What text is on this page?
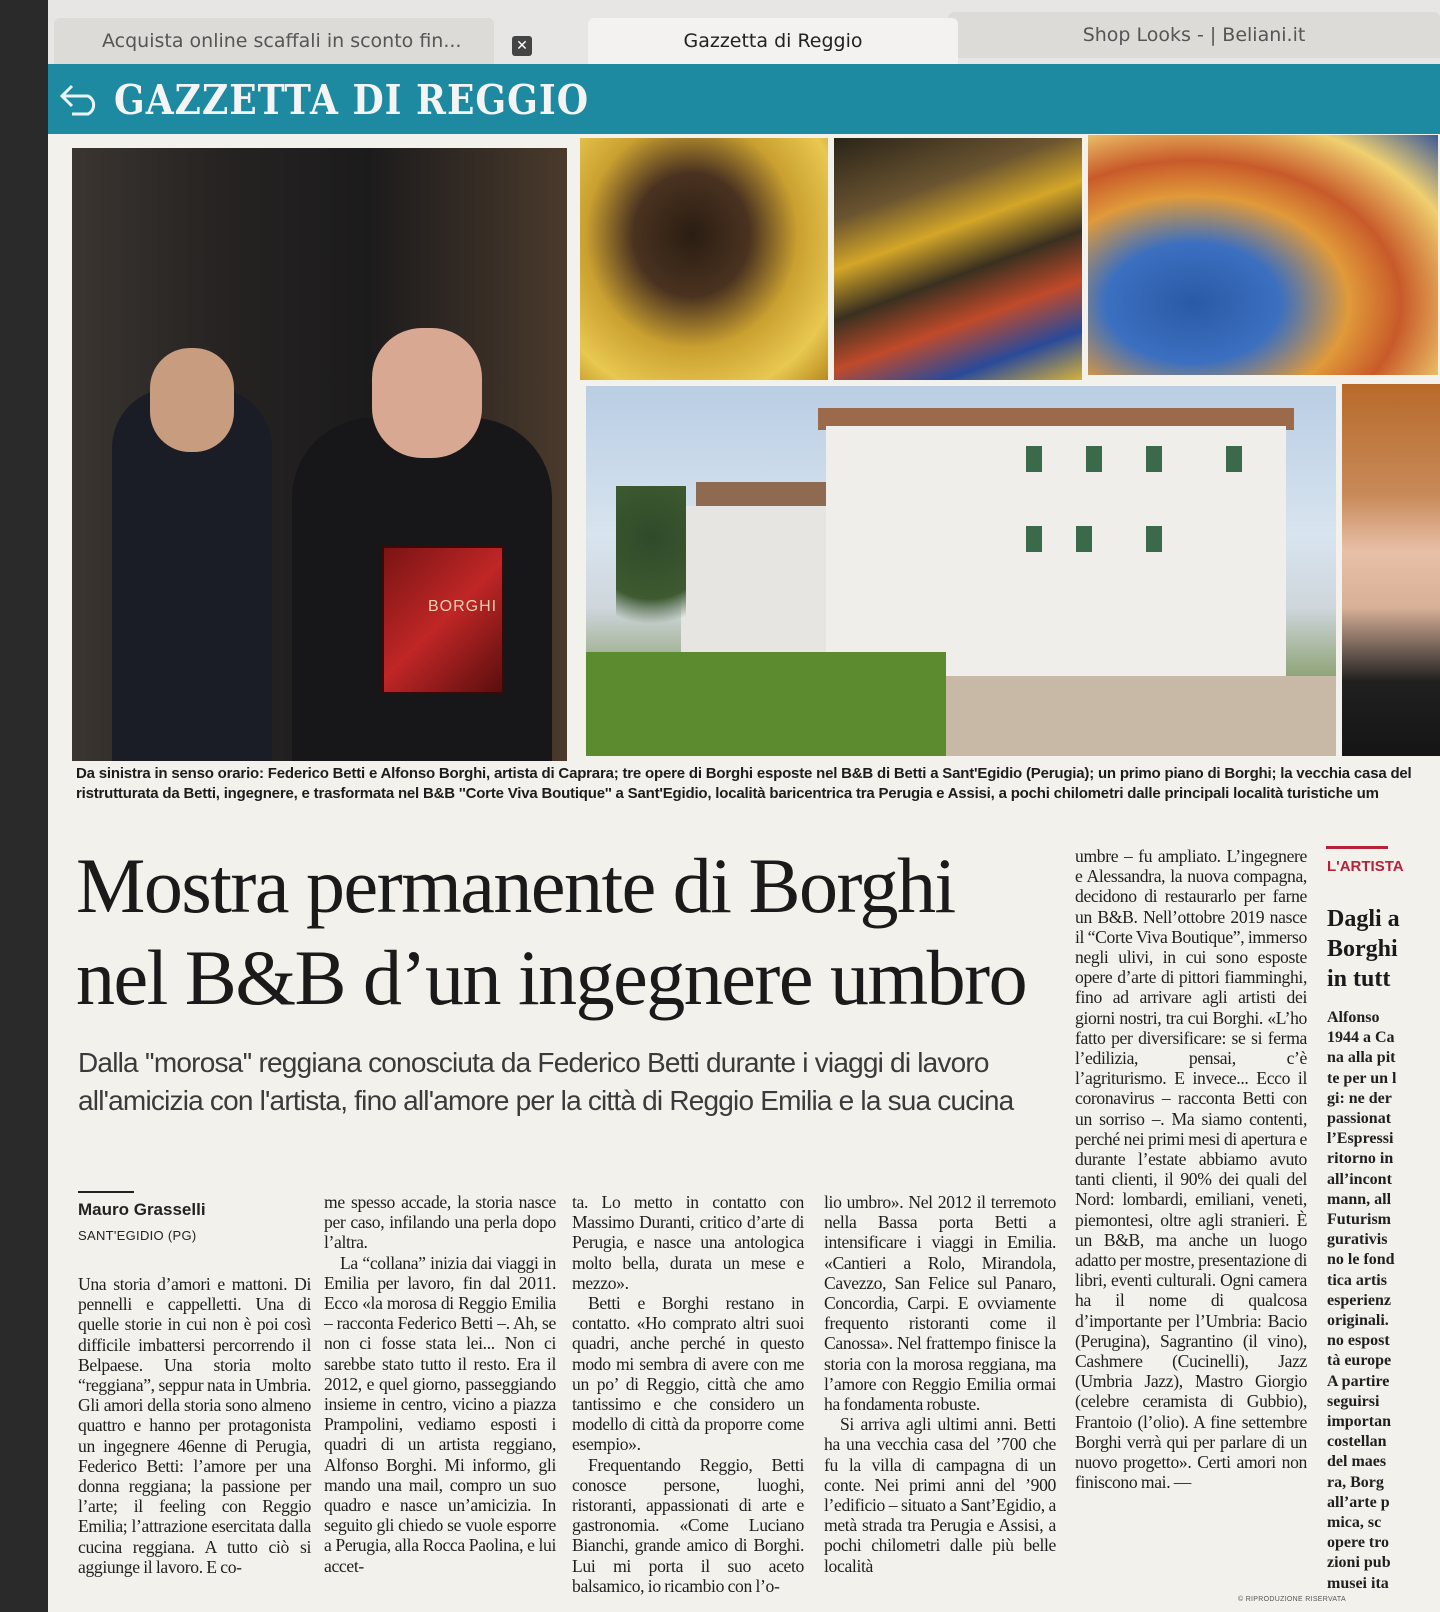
Acquista online scaffali in sconto fin...	Shop Looks - | Beliani.it
Gazzetta di Reggio
✕
GAZZETTA DI REGGIO
BORGHI
Da sinistra in senso orario: Federico Betti e Alfonso Borghi, artista di Caprara; tre opere di Borghi esposte nel B&B di Betti a Sant'Egidio (Perugia); un primo piano di Borghi; la vecchia casa del
ristrutturata da Betti, ingegnere, e trasformata nel B&B ''Corte Viva Boutique'' a Sant'Egidio, località baricentrica tra Perugia e Assisi, a pochi chilometri dalle principali località turistiche um
Mostra permanente di Borghi
nel B&B d’un ingegnere umbro
Dalla ''morosa'' reggiana conosciuta da Federico Betti durante i viaggi di lavoro
all'amicizia con l'artista, fino all'amore per la città di Reggio Emilia e la sua cucina
Mauro Grasselli
SANT'EGIDIO (PG)

Una storia d’amori e mattoni. Di pennelli e cappelletti. Una di quelle storie in cui non è poi così difficile imbattersi percorrendo il Belpaese. Una storia molto “reggiana”, seppur nata in Umbria. Gli amori della storia sono almeno quattro e hanno per protagonista un ingegnere 46enne di Perugia, Federico Betti: l’amore per una donna reggiana; la passione per l’arte; il feeling con Reggio Emilia; l’attrazione esercitata dalla cucina reggiana. A tutto ciò si aggiunge il lavoro. E co-

me spesso accade, la storia nasce per caso, infilando una perla dopo l’altra.

La “collana” inizia dai viaggi in Emilia per lavoro, fin dal 2011. Ecco «la morosa di Reggio Emilia – racconta Federico Betti –. Ah, se non ci fosse stata lei... Non ci sarebbe stato tutto il resto. Era il 2012, e quel giorno, passeggiando insieme in centro, vicino a piazza Prampolini, vediamo esposti i quadri di un artista reggiano, Alfonso Borghi. Mi informo, gli mando una mail, compro un suo quadro e nasce un’amicizia. In seguito gli chiedo se vuole esporre a Perugia, alla Rocca Paolina, e lui accet-

ta. Lo metto in contatto con Massimo Duranti, critico d’arte di Perugia, e nasce una antologica molto bella, durata un mese e mezzo».

Betti e Borghi restano in contatto. «Ho comprato altri suoi quadri, anche perché in questo modo mi sembra di avere con me un po’ di Reggio, città che amo tantissimo e che considero un modello di città da proporre come esempio».

Frequentando Reggio, Betti conosce persone, luoghi, ristoranti, appassionati di arte e gastronomia. «Come Luciano Bianchi, grande amico di Borghi. Lui mi porta il suo aceto balsamico, io ricambio con l’o-

lio umbro». Nel 2012 il terremoto nella Bassa porta Betti a intensificare i viaggi in Emilia. «Cantieri a Rolo, Mirandola, Cavezzo, San Felice sul Panaro, Concordia, Carpi. E ovviamente frequento ristoranti come il Canossa». Nel frattempo finisce la storia con la morosa reggiana, ma l’amore con Reggio Emilia ormai ha fondamenta robuste.

Si arriva agli ultimi anni. Betti ha una vecchia casa del ’700 che fu la villa di campagna di un conte. Nei primi anni del ’900 l’edificio – situato a Sant’Egidio, a metà strada tra Perugia e Assisi, a pochi chilometri dalle più belle località

umbre – fu ampliato. L’ingegnere e Alessandra, la nuova compagna, decidono di restaurarlo per farne un B&B. Nell’ottobre 2019 nasce il “Corte Viva Boutique”, immerso negli ulivi, in cui sono esposte opere d’arte di pittori fiamminghi, fino ad arrivare agli artisti dei giorni nostri, tra cui Borghi. «L’ho fatto per diversificare: se si ferma l’edilizia, pensai, c’è l’agriturismo. E invece... Ecco il coronavirus – racconta Betti con un sorriso –. Ma siamo contenti, perché nei primi mesi di apertura e durante l’estate abbiamo avuto tanti clienti, il 90% dei quali del Nord: lombardi, emiliani, veneti, piemontesi, oltre agli stranieri. È un B&B, ma anche un luogo adatto per mostre, presentazione di libri, eventi culturali. Ogni camera ha il nome di qualcosa d’importante per l’Umbria: Bacio (Perugina), Sagrantino (il vino), Cashmere (Cucinelli), Jazz (Umbria Jazz), Mastro Giorgio (celebre ceramista di Gubbio), Frantoio (l’olio). A fine settembre Borghi verrà qui per parlare di un nuovo progetto». Certi amori non finiscono mai. —

© RIPRODUZIONE RISERVATA
L'ARTISTA
Dagli a
Borghi
in tutt
Alfonso
1944 a Ca
na alla pit
te per un l
gi: ne der
passionat
l’Espressi
ritorno in
all’incont
mann, all
Futurism
gurativis
no le fond
tica artis
esperienz
originali.
no espost
tà europe
A partire
seguirsi
importan
costellan
del maes
ra, Borg
all’arte p
mica, sc
opere tro
zioni pub
musei ita
